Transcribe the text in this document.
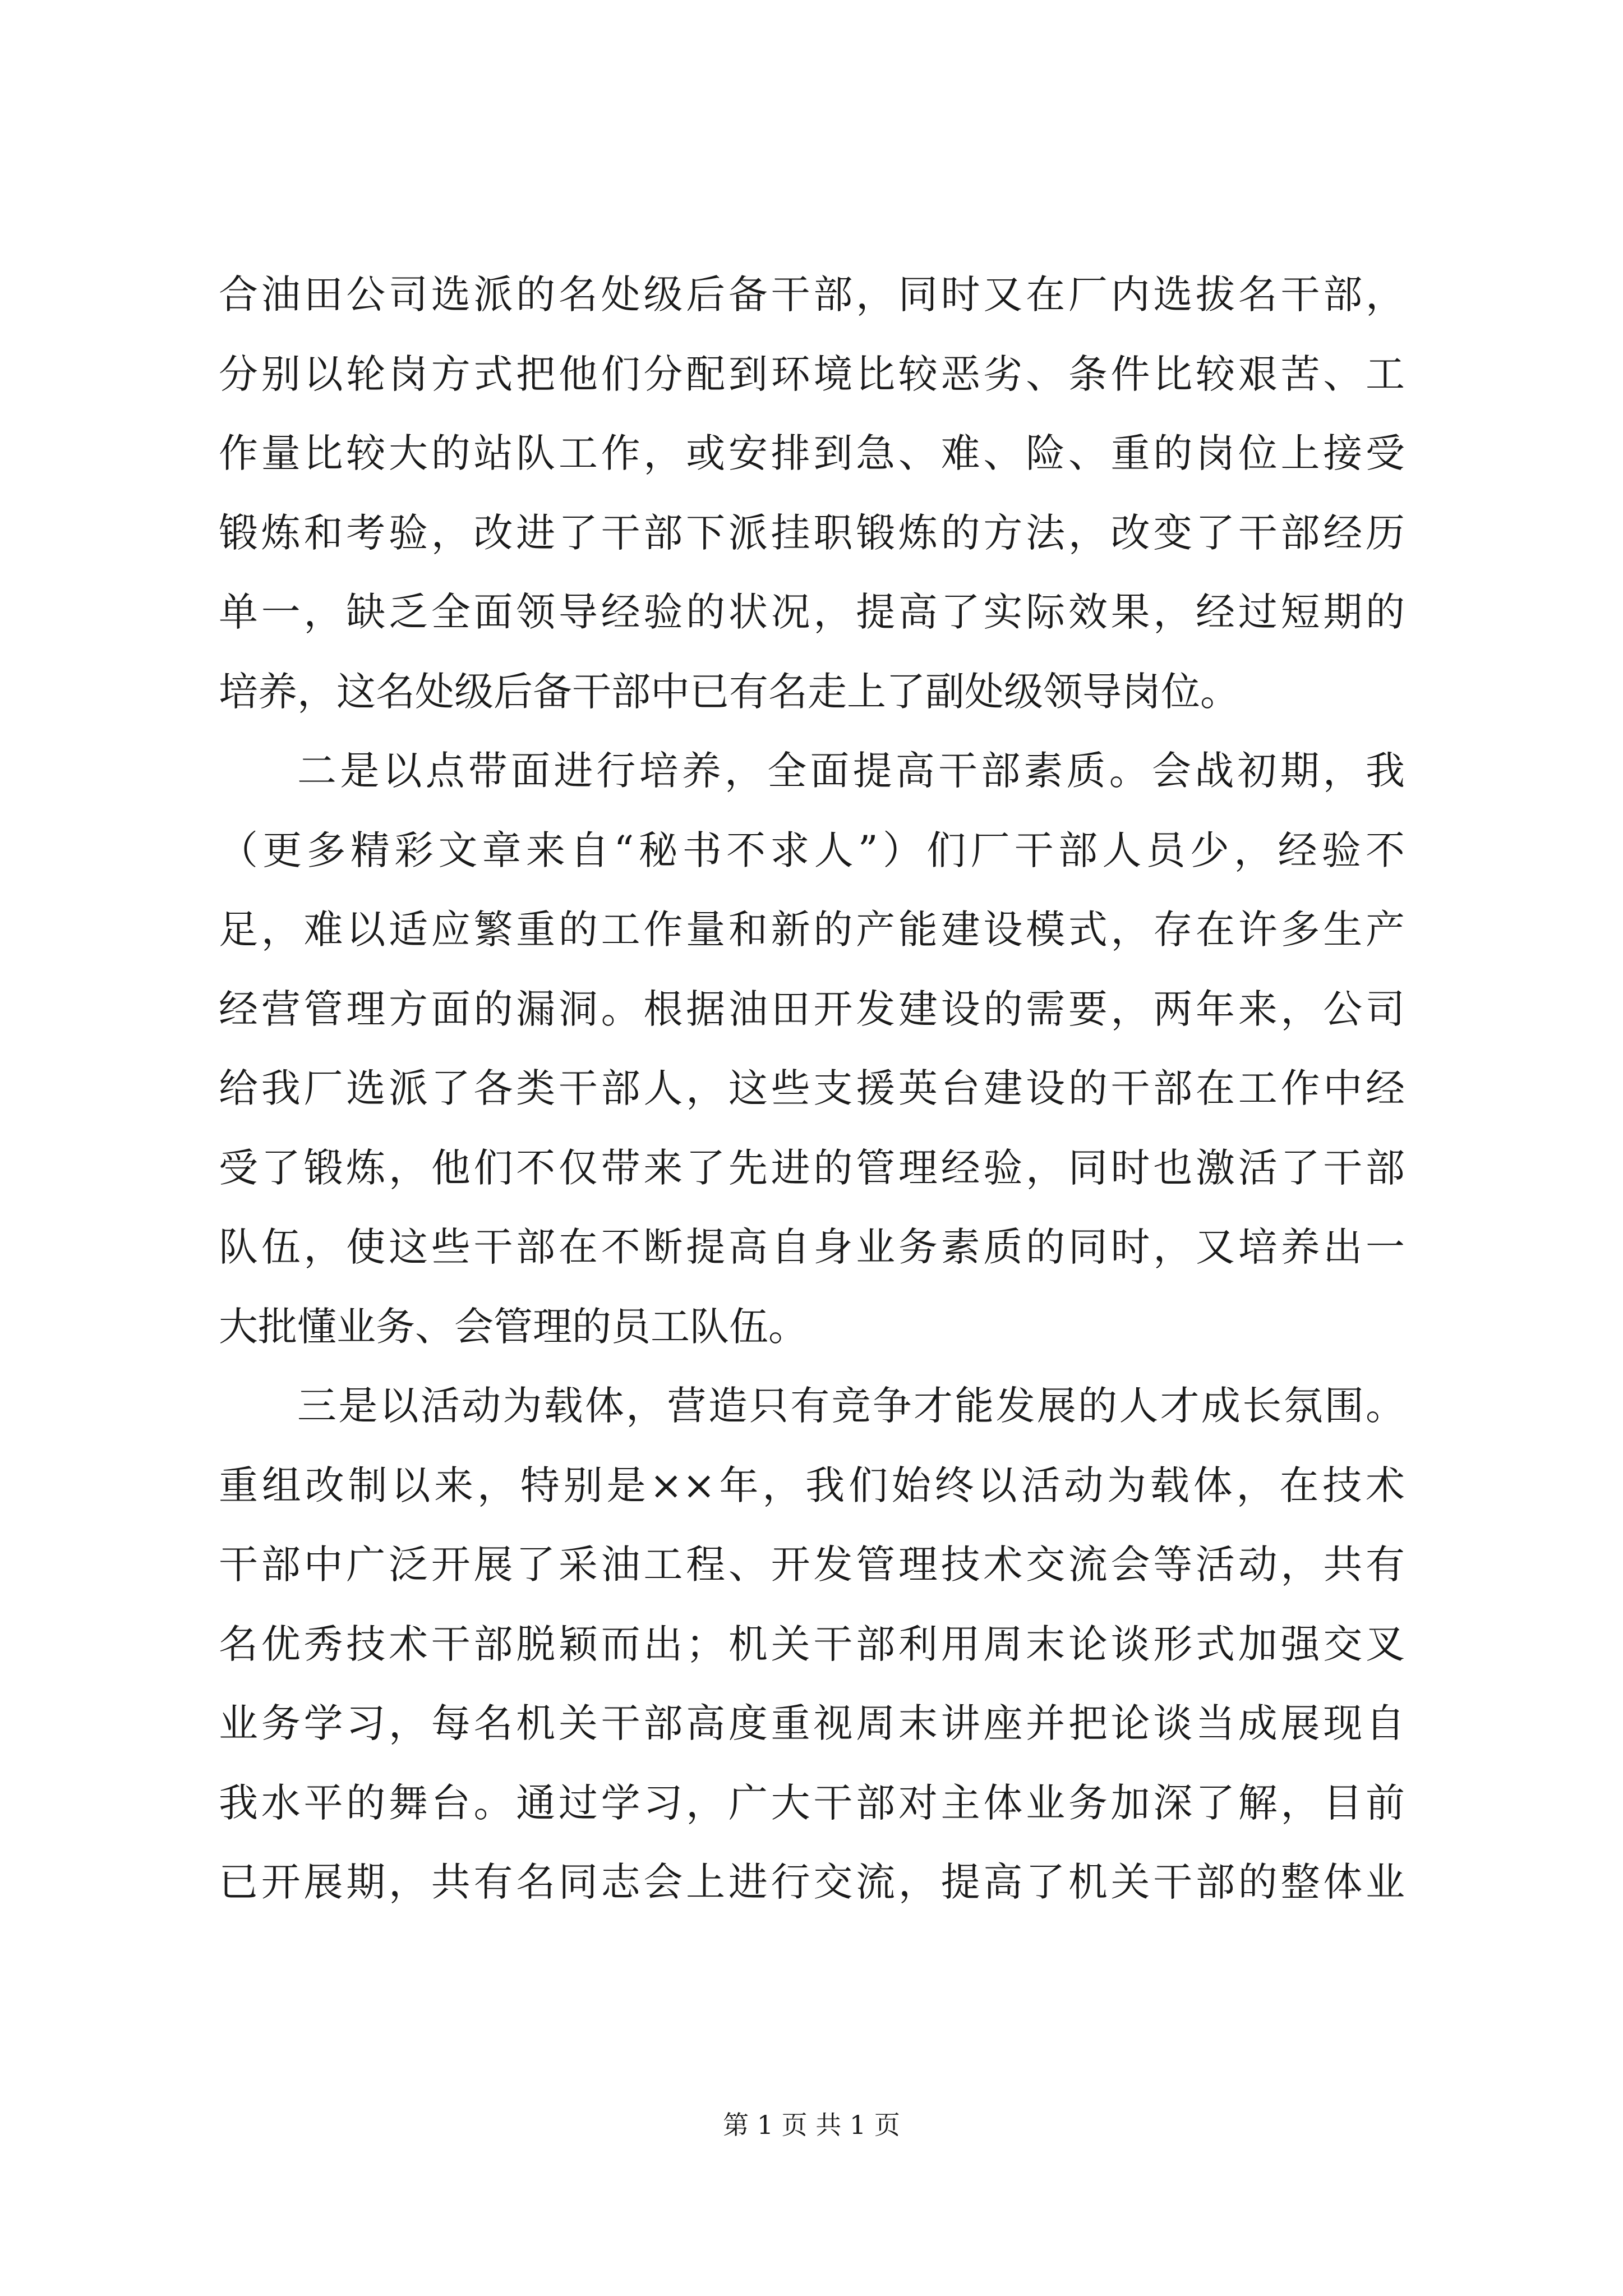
合油田公司选派的名处级后备干部，同时又在厂内选拔名干部，
分别以轮岗方式把他们分配到环境比较恶劣、条件比较艰苦、工
作量比较大的站队工作，或安排到急、难、险、重的岗位上接受
锻炼和考验，改进了干部下派挂职锻炼的方法，改变了干部经历
单一，缺乏全面领导经验的状况，提高了实际效果，经过短期的
培养，这名处级后备干部中已有名走上了副处级领导岗位。
二是以点带面进行培养，全面提高干部素质。会战初期，我
（更多精彩文章来自“秘书不求人”）们厂干部人员少，经验不
足，难以适应繁重的工作量和新的产能建设模式，存在许多生产
经营管理方面的漏洞。根据油田开发建设的需要，两年来，公司
给我厂选派了各类干部人，这些支援英台建设的干部在工作中经
受了锻炼，他们不仅带来了先进的管理经验，同时也激活了干部
队伍，使这些干部在不断提高自身业务素质的同时，又培养出一
大批懂业务、会管理的员工队伍。
三是以活动为载体，营造只有竞争才能发展的人才成长氛围。
重组改制以来，特别是××年，我们始终以活动为载体，在技术
干部中广泛开展了采油工程、开发管理技术交流会等活动，共有
名优秀技术干部脱颖而出；机关干部利用周末论谈形式加强交叉
业务学习，每名机关干部高度重视周末讲座并把论谈当成展现自
我水平的舞台。通过学习，广大干部对主体业务加深了解，目前
已开展期，共有名同志会上进行交流，提高了机关干部的整体业
第 1 页 共 1 页
